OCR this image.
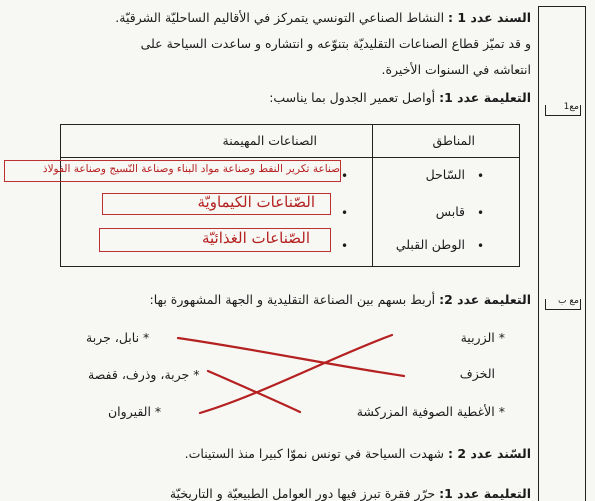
مع1
مع ب
السند عدد 1 : النشاط الصناعي التونسي يتمركز في الأقاليم الساحليّة الشرقيّة.
و قد تميّز قطاع الصناعات التقليديّة بتنوّعه و انتشاره و ساعدت السياحة على
انتعاشه في السنوات الأخيرة.
التعليمة عدد 1: أواصل تعمير الجدول بما يناسب:
المناطق
الصناعات المهيمنة
•
السّاحل
•
•
قابس
•
•
الوطن القبلي
•
صناعة تكرير النفط وصناعة مواد البناء وصناعة النّسيج وصناعة الفولاذ
الصّناعات الكيماويّة
الصّناعات الغذائيّة
التعليمة عدد 2: أربط بسهم بين الصناعة التقليدية و الجهة المشهورة بها:
* الزربية
الخزف
* الأغطية الصوفية المزركشة
* نابل، جربة
* جربة، وذرف، قفصة
* القيروان
السّند عدد 2 : شهدت السياحة في تونس نموّا كبيرا منذ الستينات.
التعليمة عدد 1: حرّر فقرة تبرز فيها دور العوامل الطبيعيّة و التاريخيّة
